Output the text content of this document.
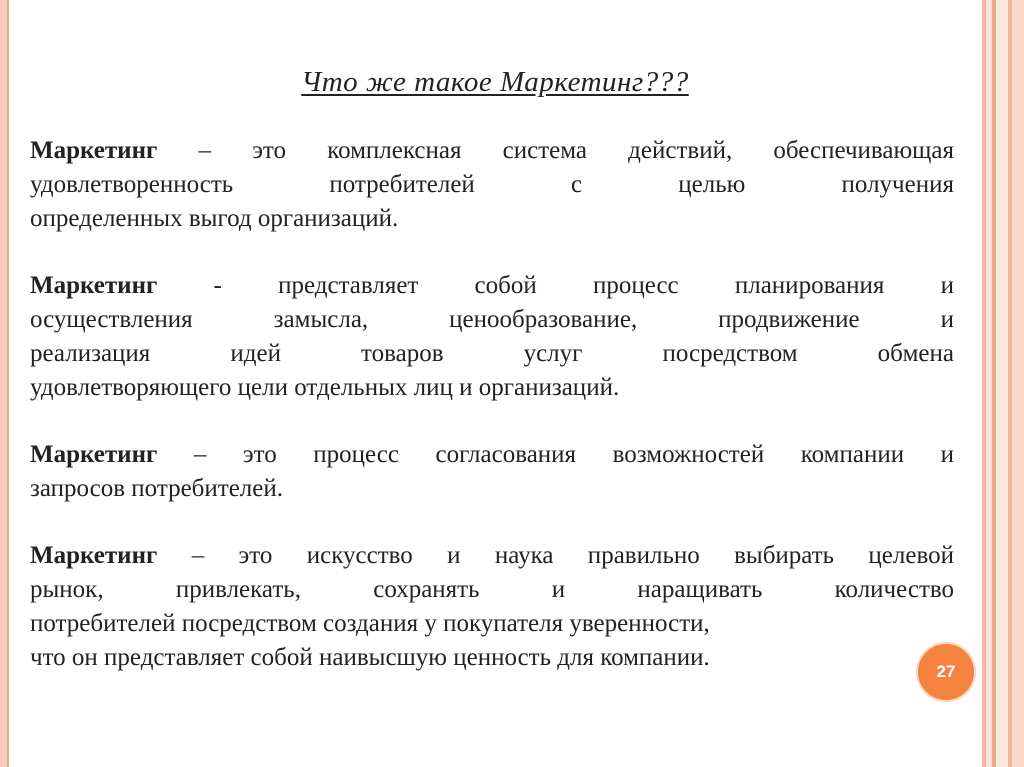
Что же такое Маркетинг???

Маркетинг – это комплексная система действий, обеспечивающая
удовлетворенность потребителей с целью получения
определенных выгод организаций.

Маркетинг - представляет собой процесс планирования и
осуществления замысла, ценообразование, продвижение и
реализация идей товаров услуг посредством обмена
удовлетворяющего цели отдельных лиц и организаций.

Маркетинг – это процесс согласования возможностей компании и
запросов потребителей.

Маркетинг – это искусство и наука правильно выбирать целевой
рынок, привлекать, сохранять и наращивать количество
потребителей посредством создания у покупателя уверенности,
что он представляет собой наивысшую ценность для компании.

27
